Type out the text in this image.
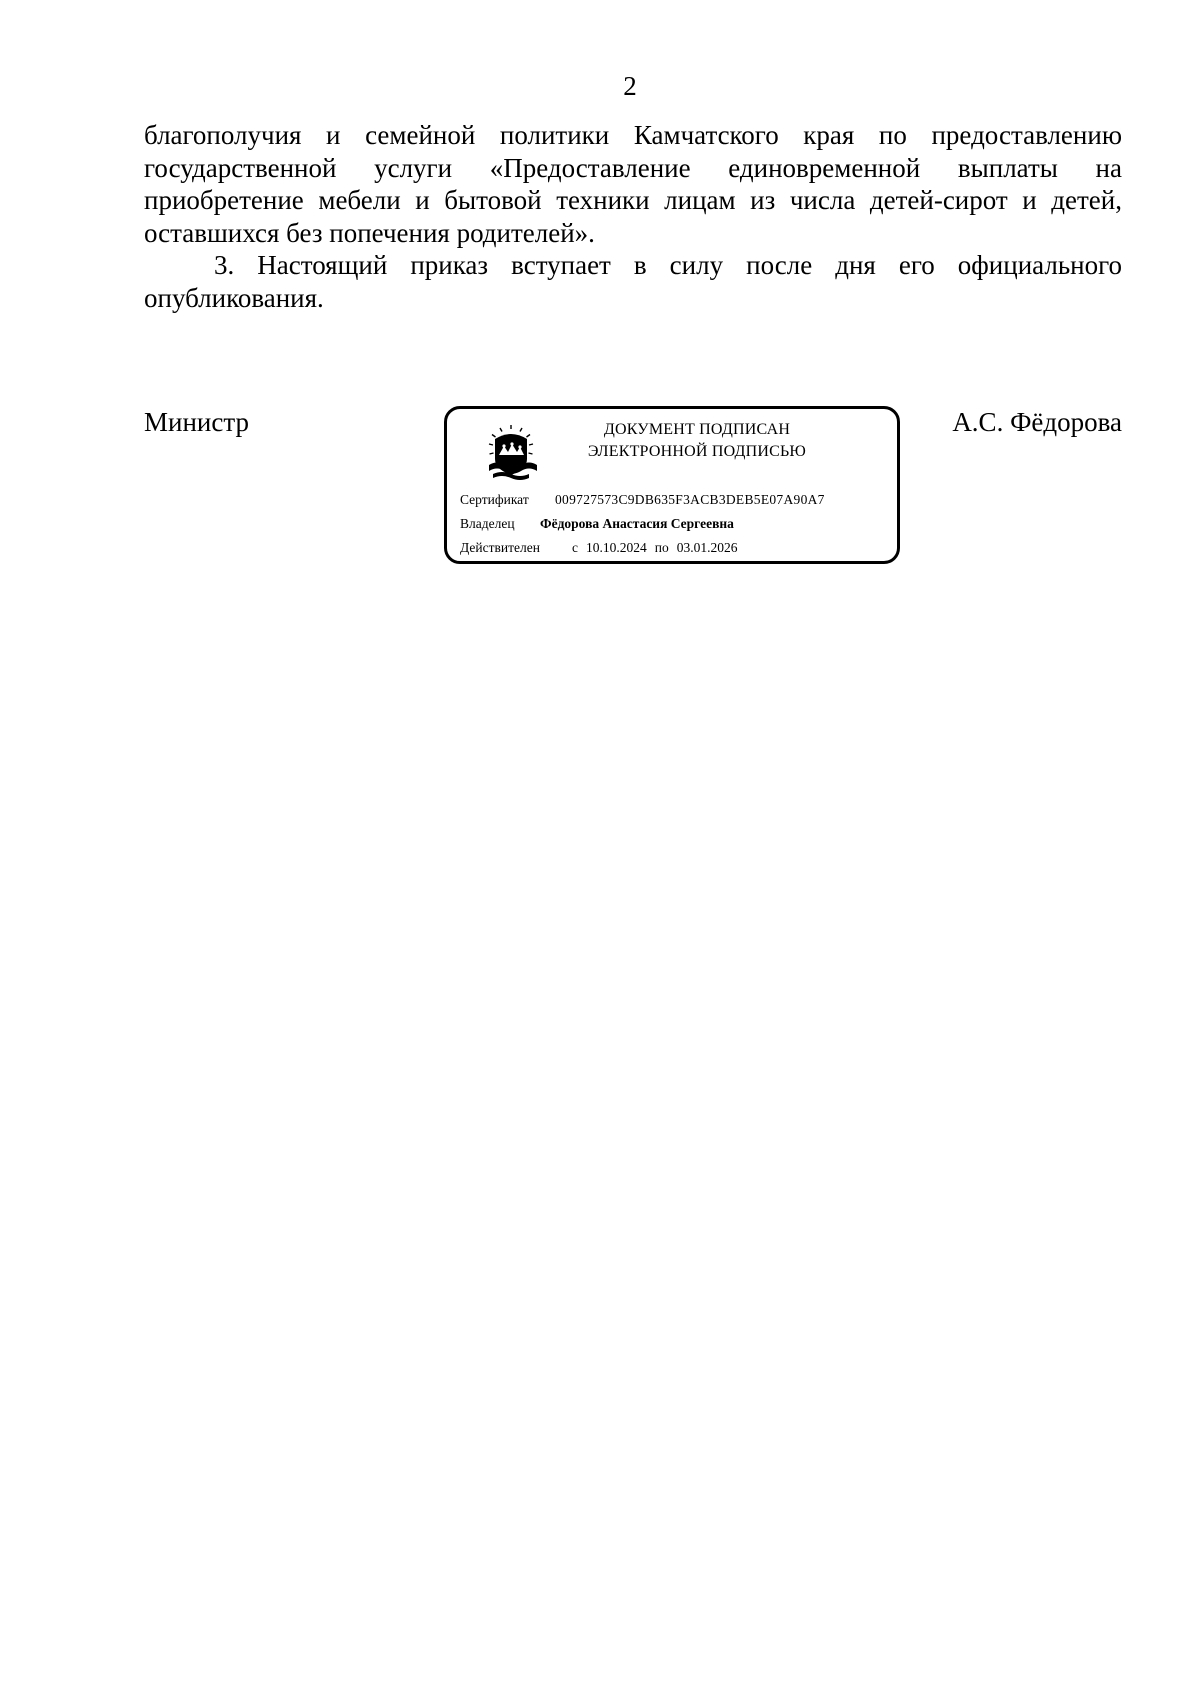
2

благополучия и семейной политики Камчатского края по предоставлению государственной услуги «Предоставление единовременной выплаты на приобретение мебели и бытовой техники лицам из числа детей-сирот и детей, оставшихся без попечения родителей».

3. Настоящий приказ вступает в силу после дня его официального опубликования.

Министр	ДОКУМЕНТ ПОДПИСАН
ЭЛЕКТРОННОЙ ПОДПИСЬЮ
Сертификат 009727573C9DB635F3ACB3DEB5E07A90A7
Владелец Фёдорова Анастасия Сергеевна
Действителен с 10.10.2024 по 03.01.2026
А.С. Фёдорова
